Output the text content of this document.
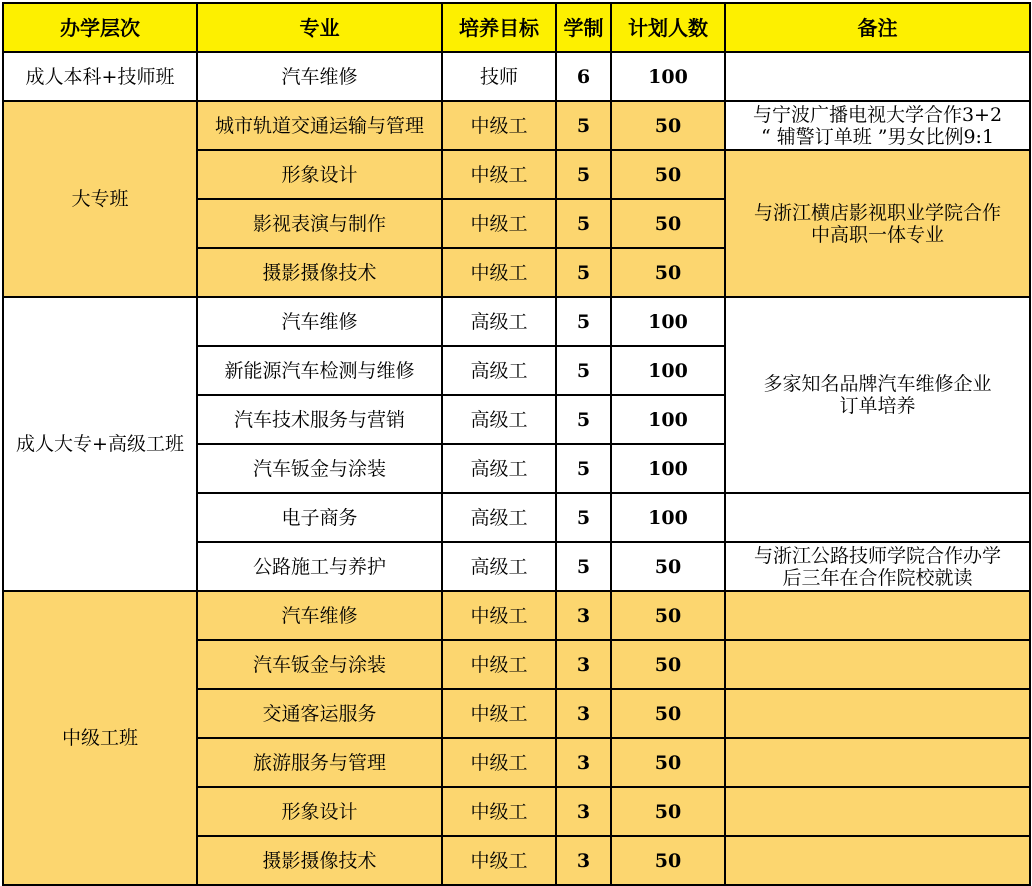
办学层次	专业	培养目标	学制	计划人数	备注
成人本科+技师班	汽车维修	技师	6	100	
大专班	城市轨道交通运输与管理	中级工	5	50	与宁波广播电视大学合作3+2
“ 辅警订单班 ”男女比例9:1

	形象设计	中级工	5	50	与浙江横店影视职业学院合作
中高职一体专业

	影视表演与制作	中级工	5	50	
	摄影摄像技术	中级工	5	50	
成人大专+高级工班	汽车维修	高级工	5	100	多家知名品牌汽车维修企业
订单培养

	新能源汽车检测与维修	高级工	5	100	
	汽车技术服务与营销	高级工	5	100	
	汽车钣金与涂装	高级工	5	100	
	电子商务	高级工	5	100	
	公路施工与养护	高级工	5	50	与浙江公路技师学院合作办学
后三年在合作院校就读

中级工班	汽车维修	中级工	3	50	
	汽车钣金与涂装	中级工	3	50	
	交通客运服务	中级工	3	50	
	旅游服务与管理	中级工	3	50	
	形象设计	中级工	3	50	
	摄影摄像技术	中级工	3	50	
